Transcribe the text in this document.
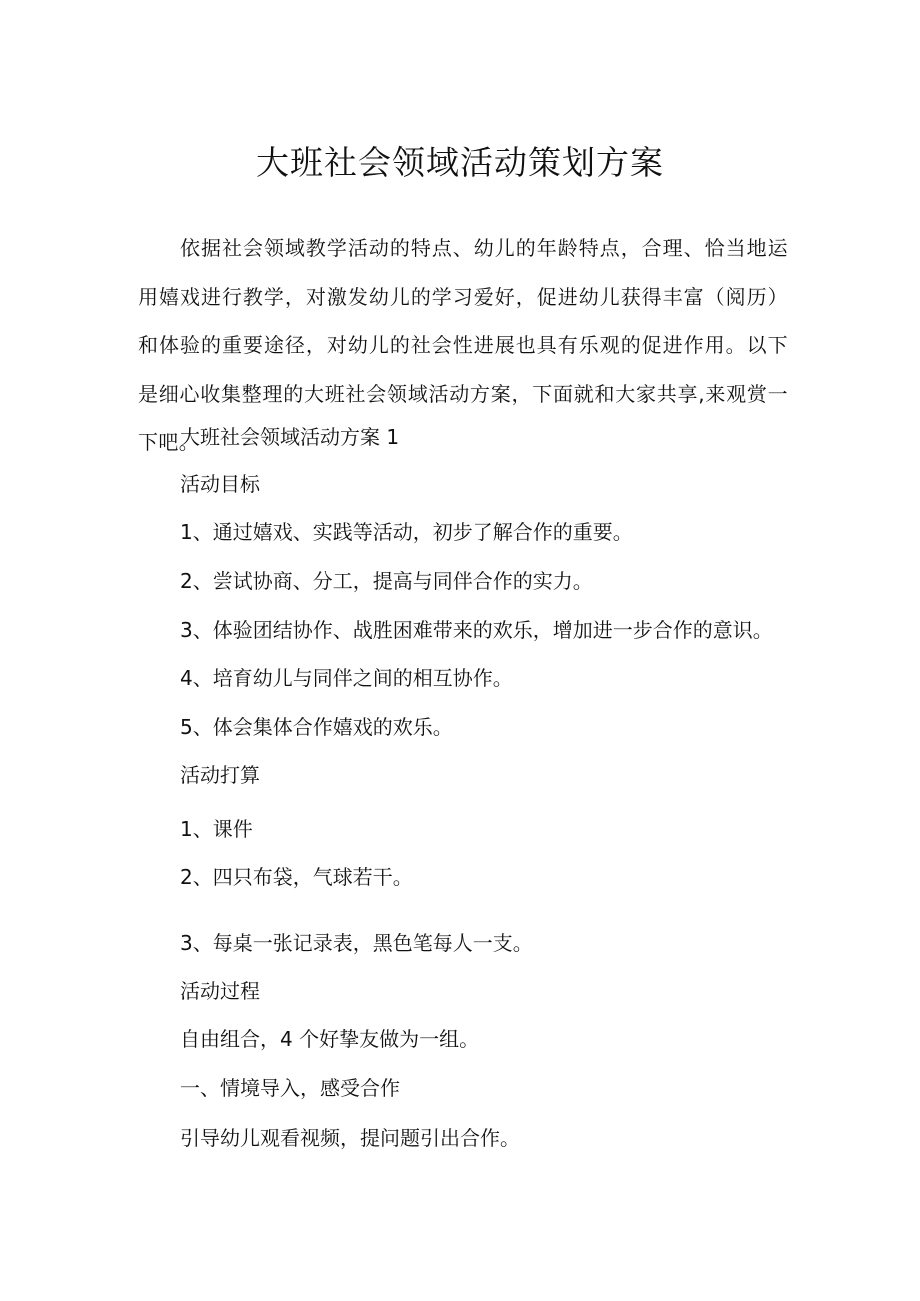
大班社会领域活动策划方案
依据社会领域教学活动的特点、幼儿的年龄特点，合理、恰当地运用嬉戏进行教学，对激发幼儿的学习爱好，促进幼儿获得丰富（阅历）和体验的重要途径，对幼儿的社会性进展也具有乐观的促进作用。以下是细心收集整理的大班社会领域活动方案，下面就和大家共享,来观赏一下吧。
大班社会领域活动方案 1
活动目标
1、通过嬉戏、实践等活动，初步了解合作的重要。
2、尝试协商、分工，提高与同伴合作的实力。
3、体验团结协作、战胜困难带来的欢乐，增加进一步合作的意识。
4、培育幼儿与同伴之间的相互协作。
5、体会集体合作嬉戏的欢乐。
活动打算
1、课件
2、四只布袋，气球若干。
3、每桌一张记录表，黑色笔每人一支。
活动过程
自由组合，4 个好挚友做为一组。
一、情境导入，感受合作
引导幼儿观看视频，提问题引出合作。
